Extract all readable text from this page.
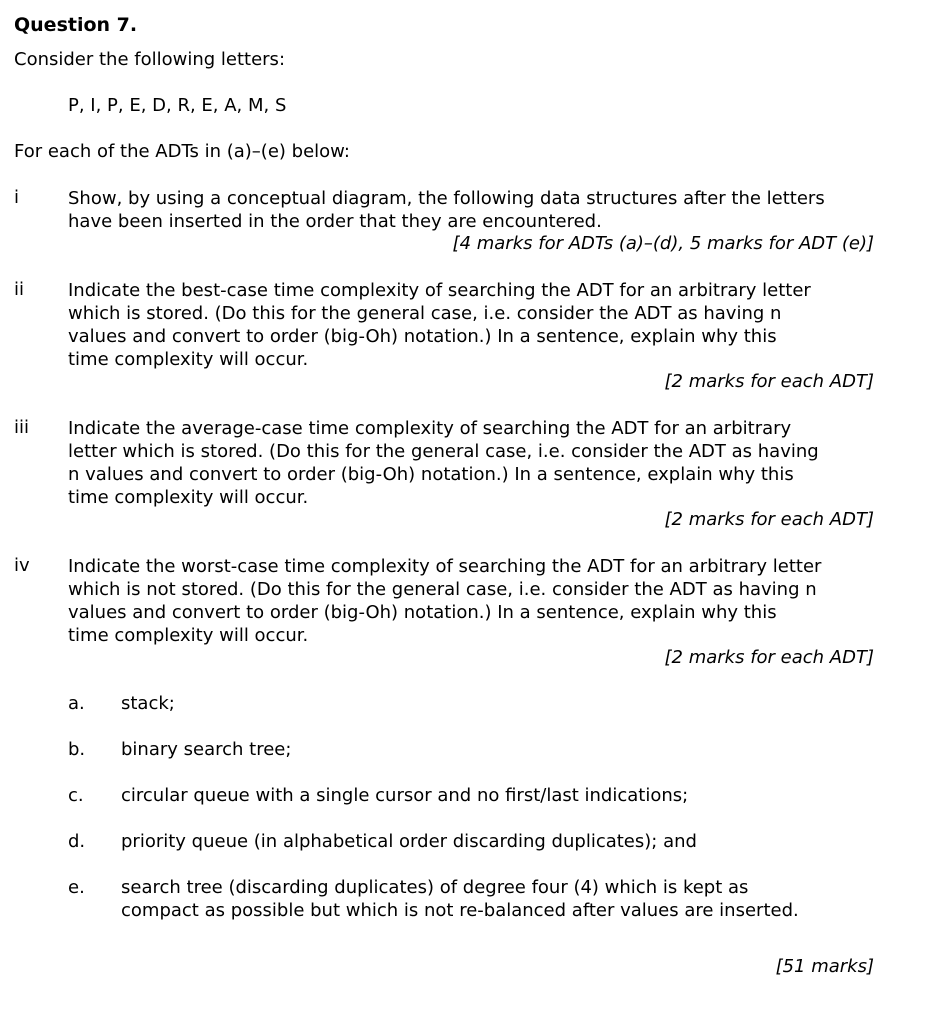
Question 7.
Consider the following letters:
P, I, P, E, D, R, E, A, M, S
For each of the ADTs in (a)–(e) below:
i	Show, by using a conceptual diagram, the following data structures after the letters
have been inserted in the order that they are encountered.
[4 marks for ADTs (a)–(d), 5 marks for ADT (e)]
ii Indicate the best-case time complexity of searching the ADT for an arbitrary letter
which is stored. (Do this for the general case, i.e. consider the ADT as having n
values and convert to order (big-Oh) notation.) In a sentence, explain why this
time complexity will occur.
[2 marks for each ADT]
iii Indicate the average-case time complexity of searching the ADT for an arbitrary
letter which is stored. (Do this for the general case, i.e. consider the ADT as having
n values and convert to order (big-Oh) notation.) In a sentence, explain why this
time complexity will occur.
[2 marks for each ADT]
iv Indicate the worst-case time complexity of searching the ADT for an arbitrary letter
which is not stored. (Do this for the general case, i.e. consider the ADT as having n
values and convert to order (big-Oh) notation.) In a sentence, explain why this
time complexity will occur.
[2 marks for each ADT]
a. stack;
b. binary search tree;
c. circular queue with a single cursor and no first/last indications;
d. priority queue (in alphabetical order discarding duplicates); and
e. search tree (discarding duplicates) of degree four (4) which is kept as
compact as possible but which is not re-balanced after values are inserted.
[51 marks]
